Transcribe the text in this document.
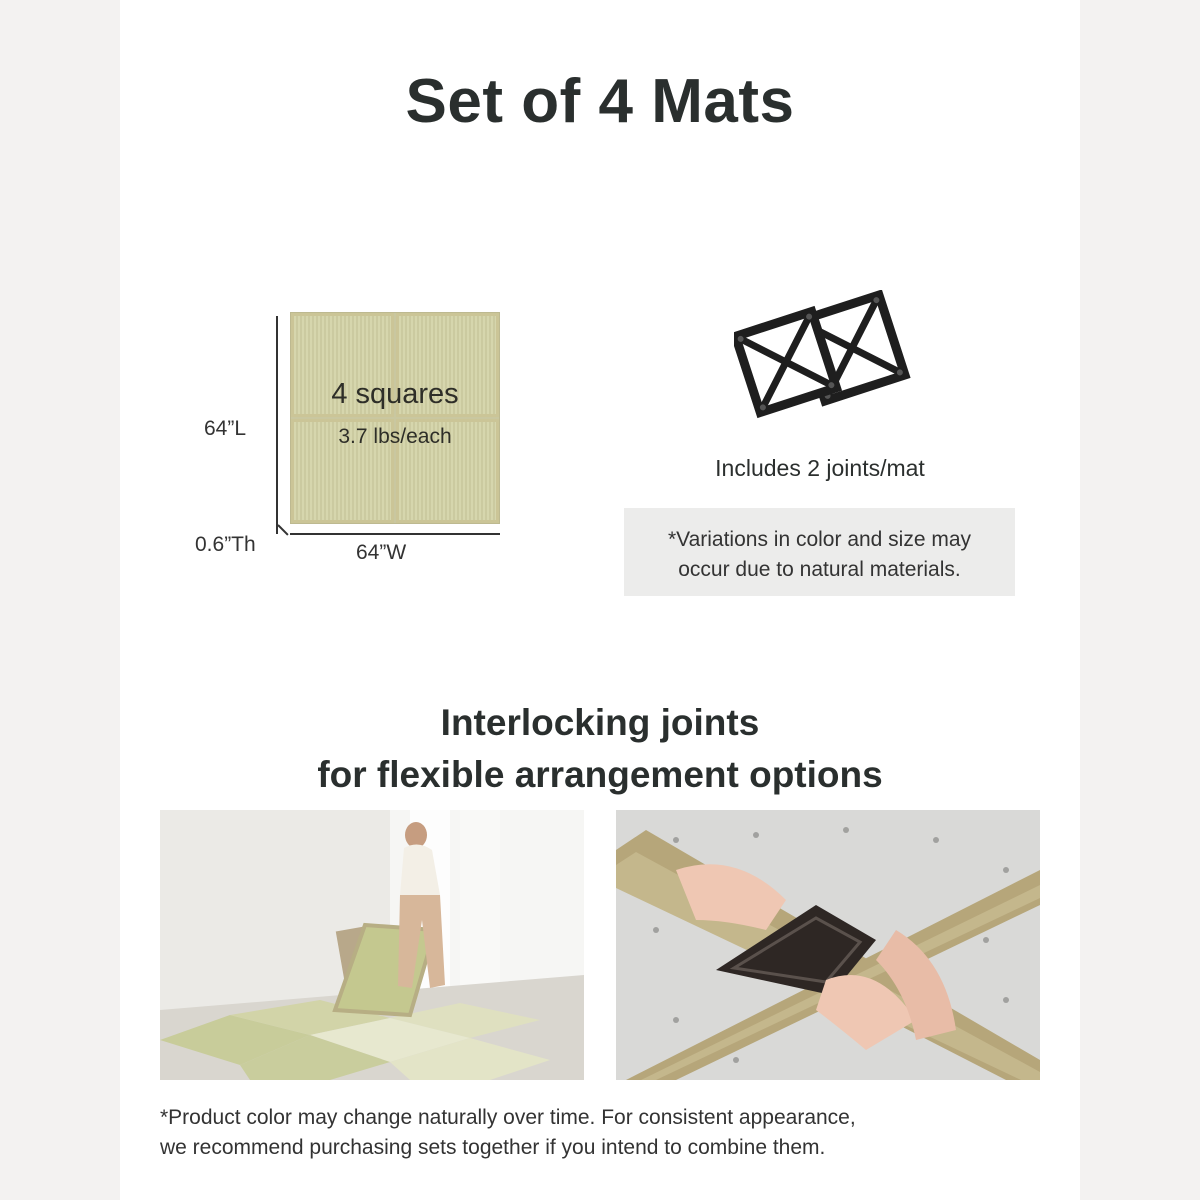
Set of 4 Mats
4 squares
3.7 lbs/each
64”L
0.6”Th	64”W
Includes 2 joints/mat
*Variations in color and size may
occur due to natural materials.
Interlocking joints
for flexible arrangement options
*Product color may change naturally over time. For consistent appearance,
we recommend purchasing sets together if you intend to combine them.
